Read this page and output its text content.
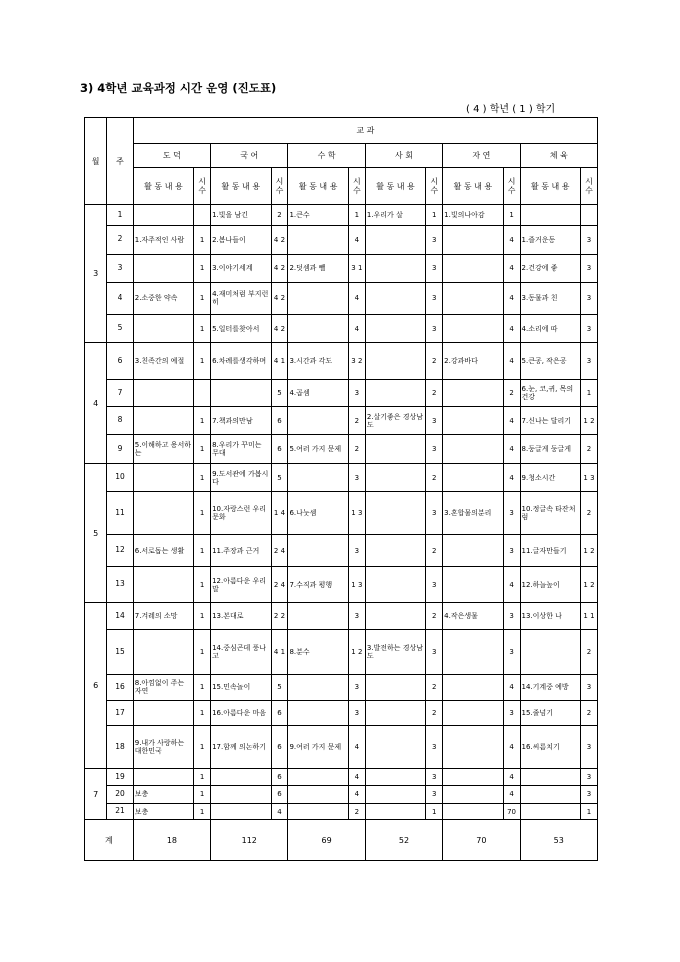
3) 4학년 교육과정 시간 운영 (진도표)
( 4 ) 학년 ( 1 ) 학기
월	주	교 과											
		도 덕		국 어		수 학		사 회		자 연		체 육	
		활 동 내 용	시 수	활 동 내 용	시 수	활 동 내 용	시 수	활 동 내 용	시 수	활 동 내 용	시 수	활 동 내 용	시 수
3	1			1.빛을 남긴	2	1.큰수	1	1.우리가 살	1	1.빛의나아감	1		
	2	1.자주적인 사람	1	2.봄나들이	4 2		4		3		4	1.즐거운동	3
	3		1	3.이야기세계	4 2	2.덧셈과 뺄	3 1		3		4	2.건강에 좋	3
	4	2.소중한 약속	1	4.재미처럼 부지런히	4 2		4		3		4	3.동물과 친	3
	5		1	5.일터를찾아서	4 2		4		3		4	4.소리에 따	3
4	6	3.친족간의 예절	1	6.차례를생각하며	4 1	3.시간과 각도	3 2		2	2.강과바다	4	5.큰공, 작은공	3
	7				5	4.곱셈	3		2		2	6.눈, 코,귀, 목의건강	1
	8		1	7.책과의만남	6		2	2.살기좋은 경상남도	3		4	7.신나는 달리기	1 2
	9	5.이해하고 용서하는	1	8.우리가 꾸미는 무대	6	5.여러 가지 문제	2		3		4	8.둥글게 둥글게	2
5	10		1	9.도서관에 가봅시다	5		3		2		4	9.청소시간	1 3
	11		1	10.자랑스런 우리문화	1 4	6.나눗셈	1 3		3	3.혼합물의분리	3	10.정글속 타잔처럼	2
	12	6.서로돕는 생활	1	11.주장과 근거	2 4		3		2		3	11.글자만들기	1 2
	13		1	12.아름다운 우리말	2 4	7.수직과 평행	1 3		3		4	12.하늘높이	1 2
6	14	7.겨레의 소망	1	13.본대로	2 2		3		2	4.작은생물	3	13.이상한 나	1 1
	15		1	14.중심곤데 풍나고	4 1	8.분수	1 2	3.발전하는 경상남도	3		3		2
	16	8.아낌없이 주는 자연	1	15.민속놀이	5		3		2		4	14.기계중 예방	3
	17		1	16.아름다운 마음	6		3		2		3	15.줄넘기	2
	18	9.내가 사랑하는 대한민국	1	17.함께 의논하기	6	9.여러 가지 문제	4		3		4	16.씨름치기	3
7	19		1		6		4		3		4		3
	20	보충	1		6		4		3		4		3
	21	보충	1		4		2		1		70		1
계		18		112		69		52		70		53	
